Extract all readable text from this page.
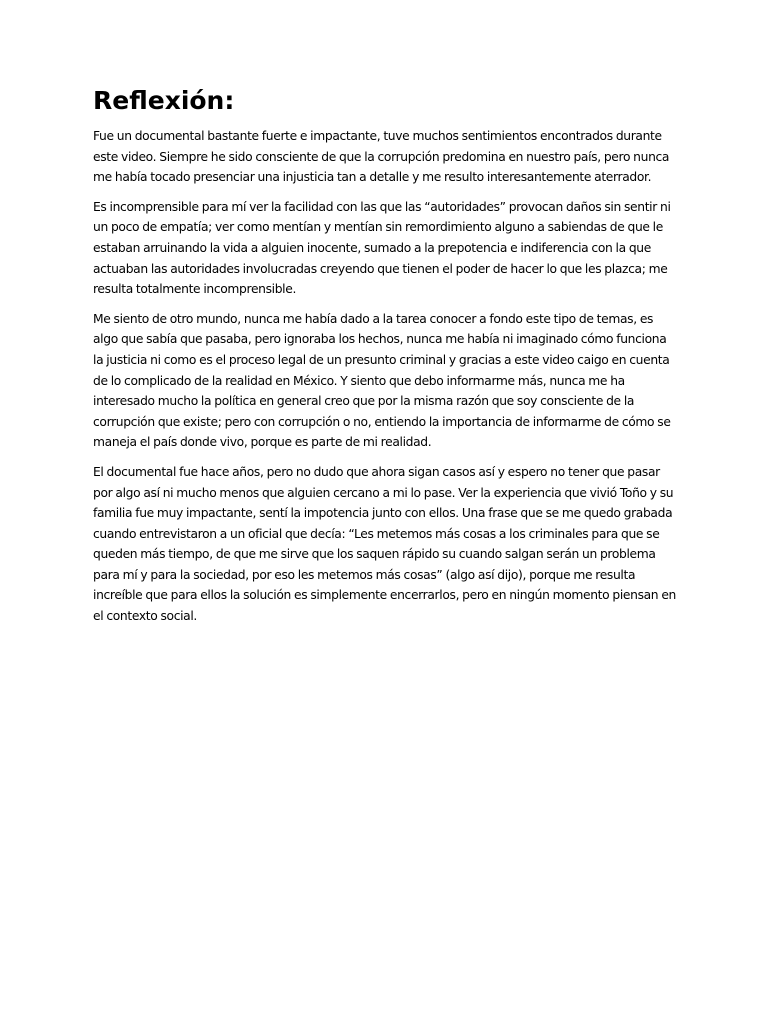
Reflexión:

Fue un documental bastante fuerte e impactante, tuve muchos sentimientos encontrados durante este video. Siempre he sido consciente de que la corrupción predomina en nuestro país, pero nunca me había tocado presenciar una injusticia tan a detalle y me resulto interesantemente aterrador.

Es incomprensible para mí ver la facilidad con las que las “autoridades” provocan daños sin sentir ni un poco de empatía; ver como mentían y mentían sin remordimiento alguno a sabiendas de que le estaban arruinando la vida a alguien inocente, sumado a la prepotencia e indiferencia con la que actuaban las autoridades involucradas creyendo que tienen el poder de hacer lo que les plazca; me resulta totalmente incomprensible.

Me siento de otro mundo, nunca me había dado a la tarea conocer a fondo este tipo de temas, es algo que sabía que pasaba, pero ignoraba los hechos, nunca me había ni imaginado cómo funciona la justicia ni como es el proceso legal de un presunto criminal y gracias a este video caigo en cuenta de lo complicado de la realidad en México. Y siento que debo informarme más, nunca me ha interesado mucho la política en general creo que por la misma razón que soy consciente de la corrupción que existe; pero con corrupción o no, entiendo la importancia de informarme de cómo se maneja el país donde vivo, porque es parte de mi realidad.

El documental fue hace años, pero no dudo que ahora sigan casos así y espero no tener que pasar por algo así ni mucho menos que alguien cercano a mi lo pase. Ver la experiencia que vivió Toño y su familia fue muy impactante, sentí la impotencia junto con ellos. Una frase que se me quedo grabada cuando entrevistaron a un oficial que decía: “Les metemos más cosas a los criminales para que se queden más tiempo, de que me sirve que los saquen rápido su cuando salgan serán un problema para mí y para la sociedad, por eso les metemos más cosas” (algo así dijo), porque me resulta increíble que para ellos la solución es simplemente encerrarlos, pero en ningún momento piensan en el contexto social.
